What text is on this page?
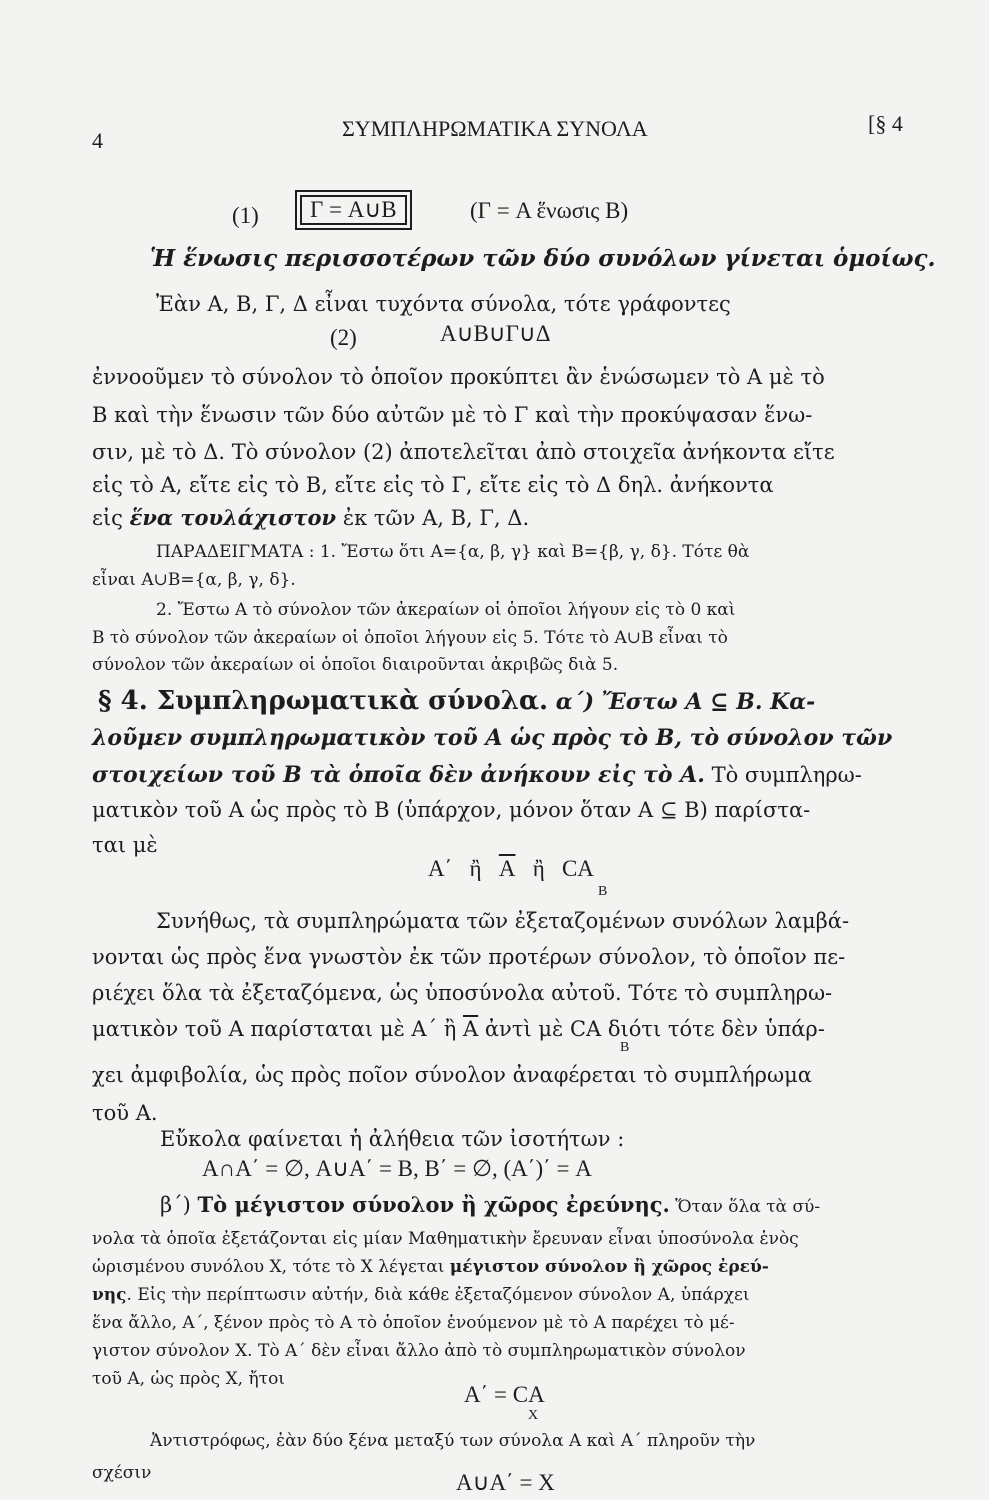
4	ΣΥΜΠΛΗΡΩΜΑΤΙΚΑ ΣΥΝΟΛΑ	[§ 4
(1)	Γ = A∪B	(Γ = A ἕνωσις B)
Ἡ ἕνωσις περισσοτέρων τῶν δύο συνόλων γίνεται ὁμοίως.
Ἐὰν A, B, Γ, Δ εἶναι τυχόντα σύνολα, τότε γράφοντες
(2)	A∪B∪Γ∪Δ
ἐννοοῦμεν τὸ σύνολον τὸ ὁποῖον προκύπτει ἂν ἑνώσωμεν τὸ A μὲ τὸ
B καὶ τὴν ἕνωσιν τῶν δύο αὐτῶν μὲ τὸ Γ καὶ τὴν προκύψασαν ἕνω-
σιν, μὲ τὸ Δ. Τὸ σύνολον (2) ἀποτελεῖται ἀπὸ στοιχεῖα ἀνήκοντα εἴτε
εἰς τὸ A, εἴτε εἰς τὸ B, εἴτε εἰς τὸ Γ, εἴτε εἰς τὸ Δ δηλ. ἀνήκοντα
εἰς ἕνα τουλάχιστον ἐκ τῶν A, B, Γ, Δ.
ΠΑΡΑΔΕΙΓΜΑΤΑ : 1. Ἔστω ὅτι A={α, β, γ} καὶ B={β, γ, δ}. Τότε θὰ
εἶναι A∪B={α, β, γ, δ}.
2. Ἔστω A τὸ σύνολον τῶν ἀκεραίων οἱ ὁποῖοι λήγουν εἰς τὸ 0 καὶ
B τὸ σύνολον τῶν ἀκεραίων οἱ ὁποῖοι λήγουν εἰς 5. Τότε τὸ A∪B εἶναι τὸ
σύνολον τῶν ἀκεραίων οἱ ὁποῖοι διαιροῦνται ἀκριβῶς διὰ 5.
§ 4. Συμπληρωματικὰ σύνολα. α΄) Ἔστω A ⊆ B. Κα-
λοῦμεν συμπληρωματικὸν τοῦ A ὡς πρὸς τὸ B, τὸ σύνολον τῶν
στοιχείων τοῦ B τὰ ὁποῖα δὲν ἀνήκουν εἰς τὸ A. Τὸ συμπληρω-
ματικὸν τοῦ A ὡς πρὸς τὸ B (ὑπάρχον, μόνον ὅταν A ⊆ B) παρίστα-
ται μὲ
A΄ ἢ $\overline{A}$ ἢ CA
B
Συνήθως, τὰ συμπληρώματα τῶν ἐξεταζομένων συνόλων λαμβά-
νονται ὡς πρὸς ἕνα γνωστὸν ἐκ τῶν προτέρων σύνολον, τὸ ὁποῖον πε-
ριέχει ὅλα τὰ ἐξεταζόμενα, ὡς ὑποσύνολα αὐτοῦ. Τότε τὸ συμπληρω-
ματικὸν τοῦ A παρίσταται μὲ A΄ ἢ $\overline{A}$ ἀντὶ μὲ CA διότι τότε δὲν ὑπάρ-
B
χει ἀμφιβολία, ὡς πρὸς ποῖον σύνολον ἀναφέρεται τὸ συμπλήρωμα
τοῦ A.
Εὔκολα φαίνεται ἡ ἀλήθεια τῶν ἰσοτήτων :
A∩A΄ = ∅, A∪A΄ = B, B΄ = ∅, (A΄)΄ = A
β΄) Τὸ μέγιστον σύνολον ἢ χῶρος ἐρεύνης. Ὅταν ὅλα τὰ σύ-
νολα τὰ ὁποῖα ἐξετάζονται εἰς μίαν Μαθηματικὴν ἔρευναν εἶναι ὑποσύνολα ἑνὸς
ὡρισμένου συνόλου X, τότε τὸ X λέγεται μέγιστον σύνολον ἢ χῶρος ἐρεύ-
νης. Εἰς τὴν περίπτωσιν αὐτήν, διὰ κάθε ἐξεταζόμενον σύνολον A, ὑπάρχει
ἕνα ἄλλο, A΄, ξένον πρὸς τὸ A τὸ ὁποῖον ἑνούμενον μὲ τὸ A παρέχει τὸ μέ-
γιστον σύνολον X. Τὸ A΄ δὲν εἶναι ἄλλο ἀπὸ τὸ συμπληρωματικὸν σύνολον
τοῦ A, ὡς πρὸς X, ἤτοι
A΄ = CA
X
Ἀντιστρόφως, ἐὰν δύο ξένα μεταξύ των σύνολα A καὶ A΄ πληροῦν τὴν
σχέσιν	A∪A΄ = X
